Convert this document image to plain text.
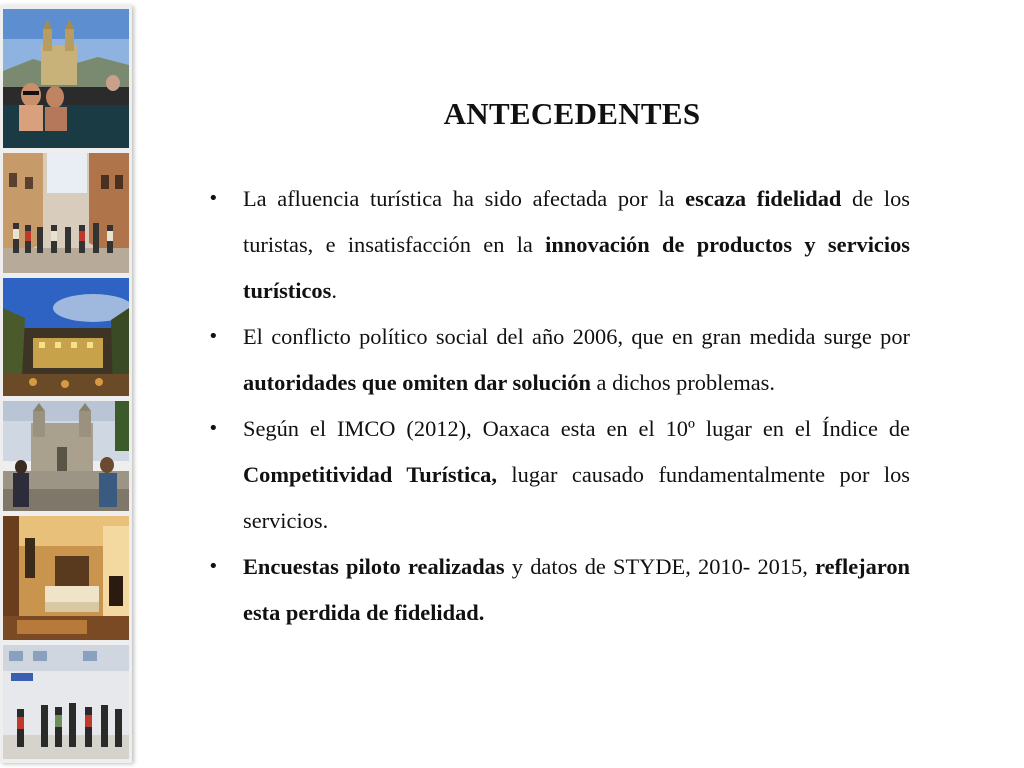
ANTECEDENTES
• La afluencia turística ha sido afectada por la escaza fidelidad de los turistas, e insatisfacción en la innovación de productos y servicios turísticos.
• El conflicto político social del año 2006, que en gran medida surge por autoridades que omiten dar solución a dichos problemas.
• Según el IMCO (2012), Oaxaca esta en el 10º lugar en el Índice de Competitividad Turística, lugar causado fundamentalmente por los servicios.
• Encuestas piloto realizadas y datos de STYDE, 2010- 2015, reflejaron esta perdida de fidelidad.
